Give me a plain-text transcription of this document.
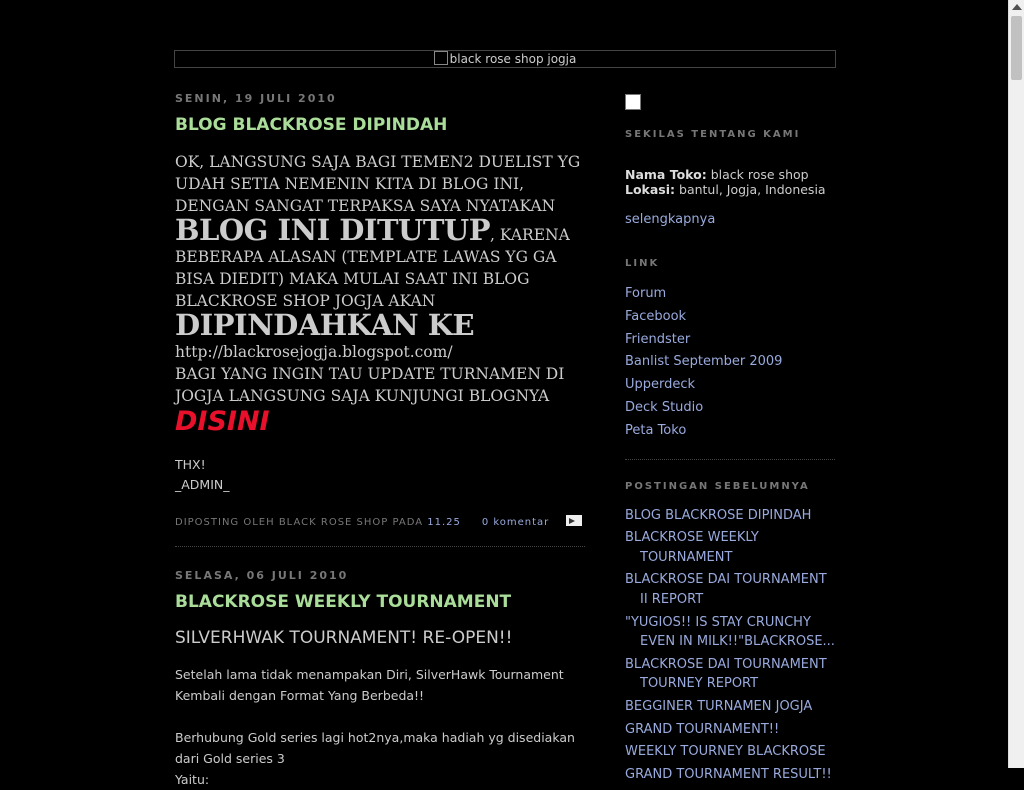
black rose shop jogja
SENIN, 19 JULI 2010
BLOG BLACKROSE DIPINDAH
OK, LANGSUNG SAJA BAGI TEMEN2 DUELIST YG UDAH SETIA NEMENIN KITA DI BLOG INI, DENGAN SANGAT TERPAKSA SAYA NYATAKAN BLOG INI DITUTUP, KARENA BEBERAPA ALASAN (TEMPLATE LAWAS YG GA BISA DIEDIT) MAKA MULAI SAAT INI BLOG BLACKROSE SHOP JOGJA AKAN DIPINDAHKAN KE
http://blackrosejogja.blogspot.com/
BAGI YANG INGIN TAU UPDATE TURNAMEN DI JOGJA LANGSUNG SAJA KUNJUNGI BLOGNYA
DISINI
THX!
_ADMIN_
DIPOSTING OLEH BLACK ROSE SHOP PADA 11.25 0 komentar
SELASA, 06 JULI 2010
BLACKROSE WEEKLY TOURNAMENT
SILVERHWAK TOURNAMENT! RE-OPEN!!
Setelah lama tidak menampakan Diri, SilverHawk Tournament Kembali dengan Format Yang Berbeda!!
Berhubung Gold series lagi hot2nya,maka hadiah yg disediakan dari Gold series 3
Yaitu:
SEKILAS TENTANG KAMI
Nama Toko: black rose shop
Lokasi: bantul, Jogja, Indonesia
selengkapnya
LINK
Forum
Facebook
Friendster
Banlist September 2009
Upperdeck
Deck Studio
Peta Toko
POSTINGAN SEBELUMNYA
BLOG BLACKROSE DIPINDAH
BLACKROSE WEEKLY TOURNAMENT
BLACKROSE DAI TOURNAMENT II REPORT
"YUGIOS!! IS STAY CRUNCHY EVEN IN MILK!!"BLACKROSE...
BLACKROSE DAI TOURNAMENT TOURNEY REPORT
BEGGINER TURNAMEN JOGJA
GRAND TOURNAMENT!!
WEEKLY TOURNEY BLACKROSE
GRAND TOURNAMENT RESULT!!
